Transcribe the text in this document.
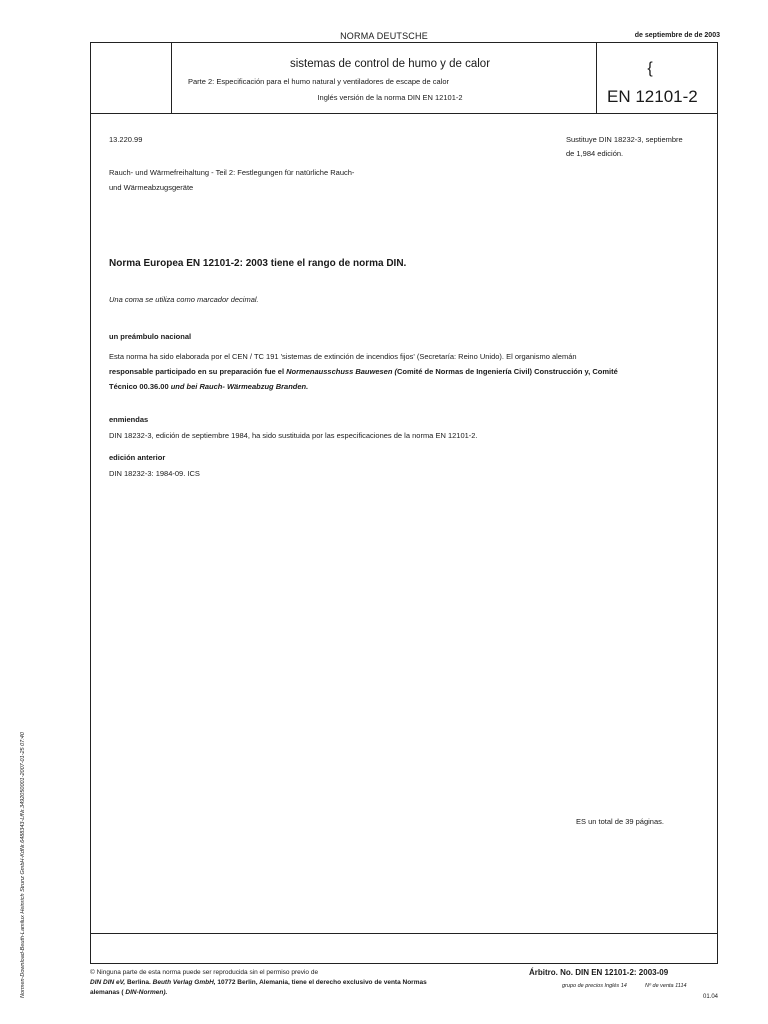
NORMA DEUTSCHE	de septiembre de de 2003
sistemas de control de humo y de calor
Parte 2: Especificación para el humo natural y ventiladores de escape de calor
Inglés versión de la norma DIN EN 12101-2
{
EN 12101-2
13.220.99	Sustituye DIN 18232-3, septiembre
de 1,984 edición.
Rauch- und Wärmefreihaltung - Teil 2: Festlegungen für natürliche Rauch-
und Wärmeabzugsgeräte
Norma Europea EN 12101-2: 2003 tiene el rango de norma DIN.
Una coma se utiliza como marcador decimal.
un preámbulo nacional
Esta norma ha sido elaborada por el CEN / TC 191 'sistemas de extinción de incendios fijos' (Secretaría: Reino Unido). El organismo alemán
responsable participado en su preparación fue el Normenausschuss Bauwesen (Comité de Normas de Ingeniería Civil) Construcción y, Comité
Técnico 00.36.00 und bei Rauch- Wärmeabzug Branden.
enmiendas
DIN 18232-3, edición de septiembre 1984, ha sido sustituida por las especificaciones de la norma EN 12101-2.
edición anterior
DIN 18232-3: 1984-09. ICS
ES un total de 39 páginas.
© Ninguna parte de esta norma puede ser reproducida sin el permiso previo de
DIN DIN eV, Berlina. Beuth Verlag GmbH, 10772 Berlin, Alemania, tiene el derecho exclusivo de venta Normas
alemanas ( DIN-Normen).
Árbitro. No. DIN EN 12101-2: 2003-09
grupo de precios Inglés 14	Nº de venta 1114
01.04
Normen-Download-Beuth-Lamilux Heinrich Strunz GmbH-KdNr.6488343-LfNr.3492050001-2007-01-25 07:40
